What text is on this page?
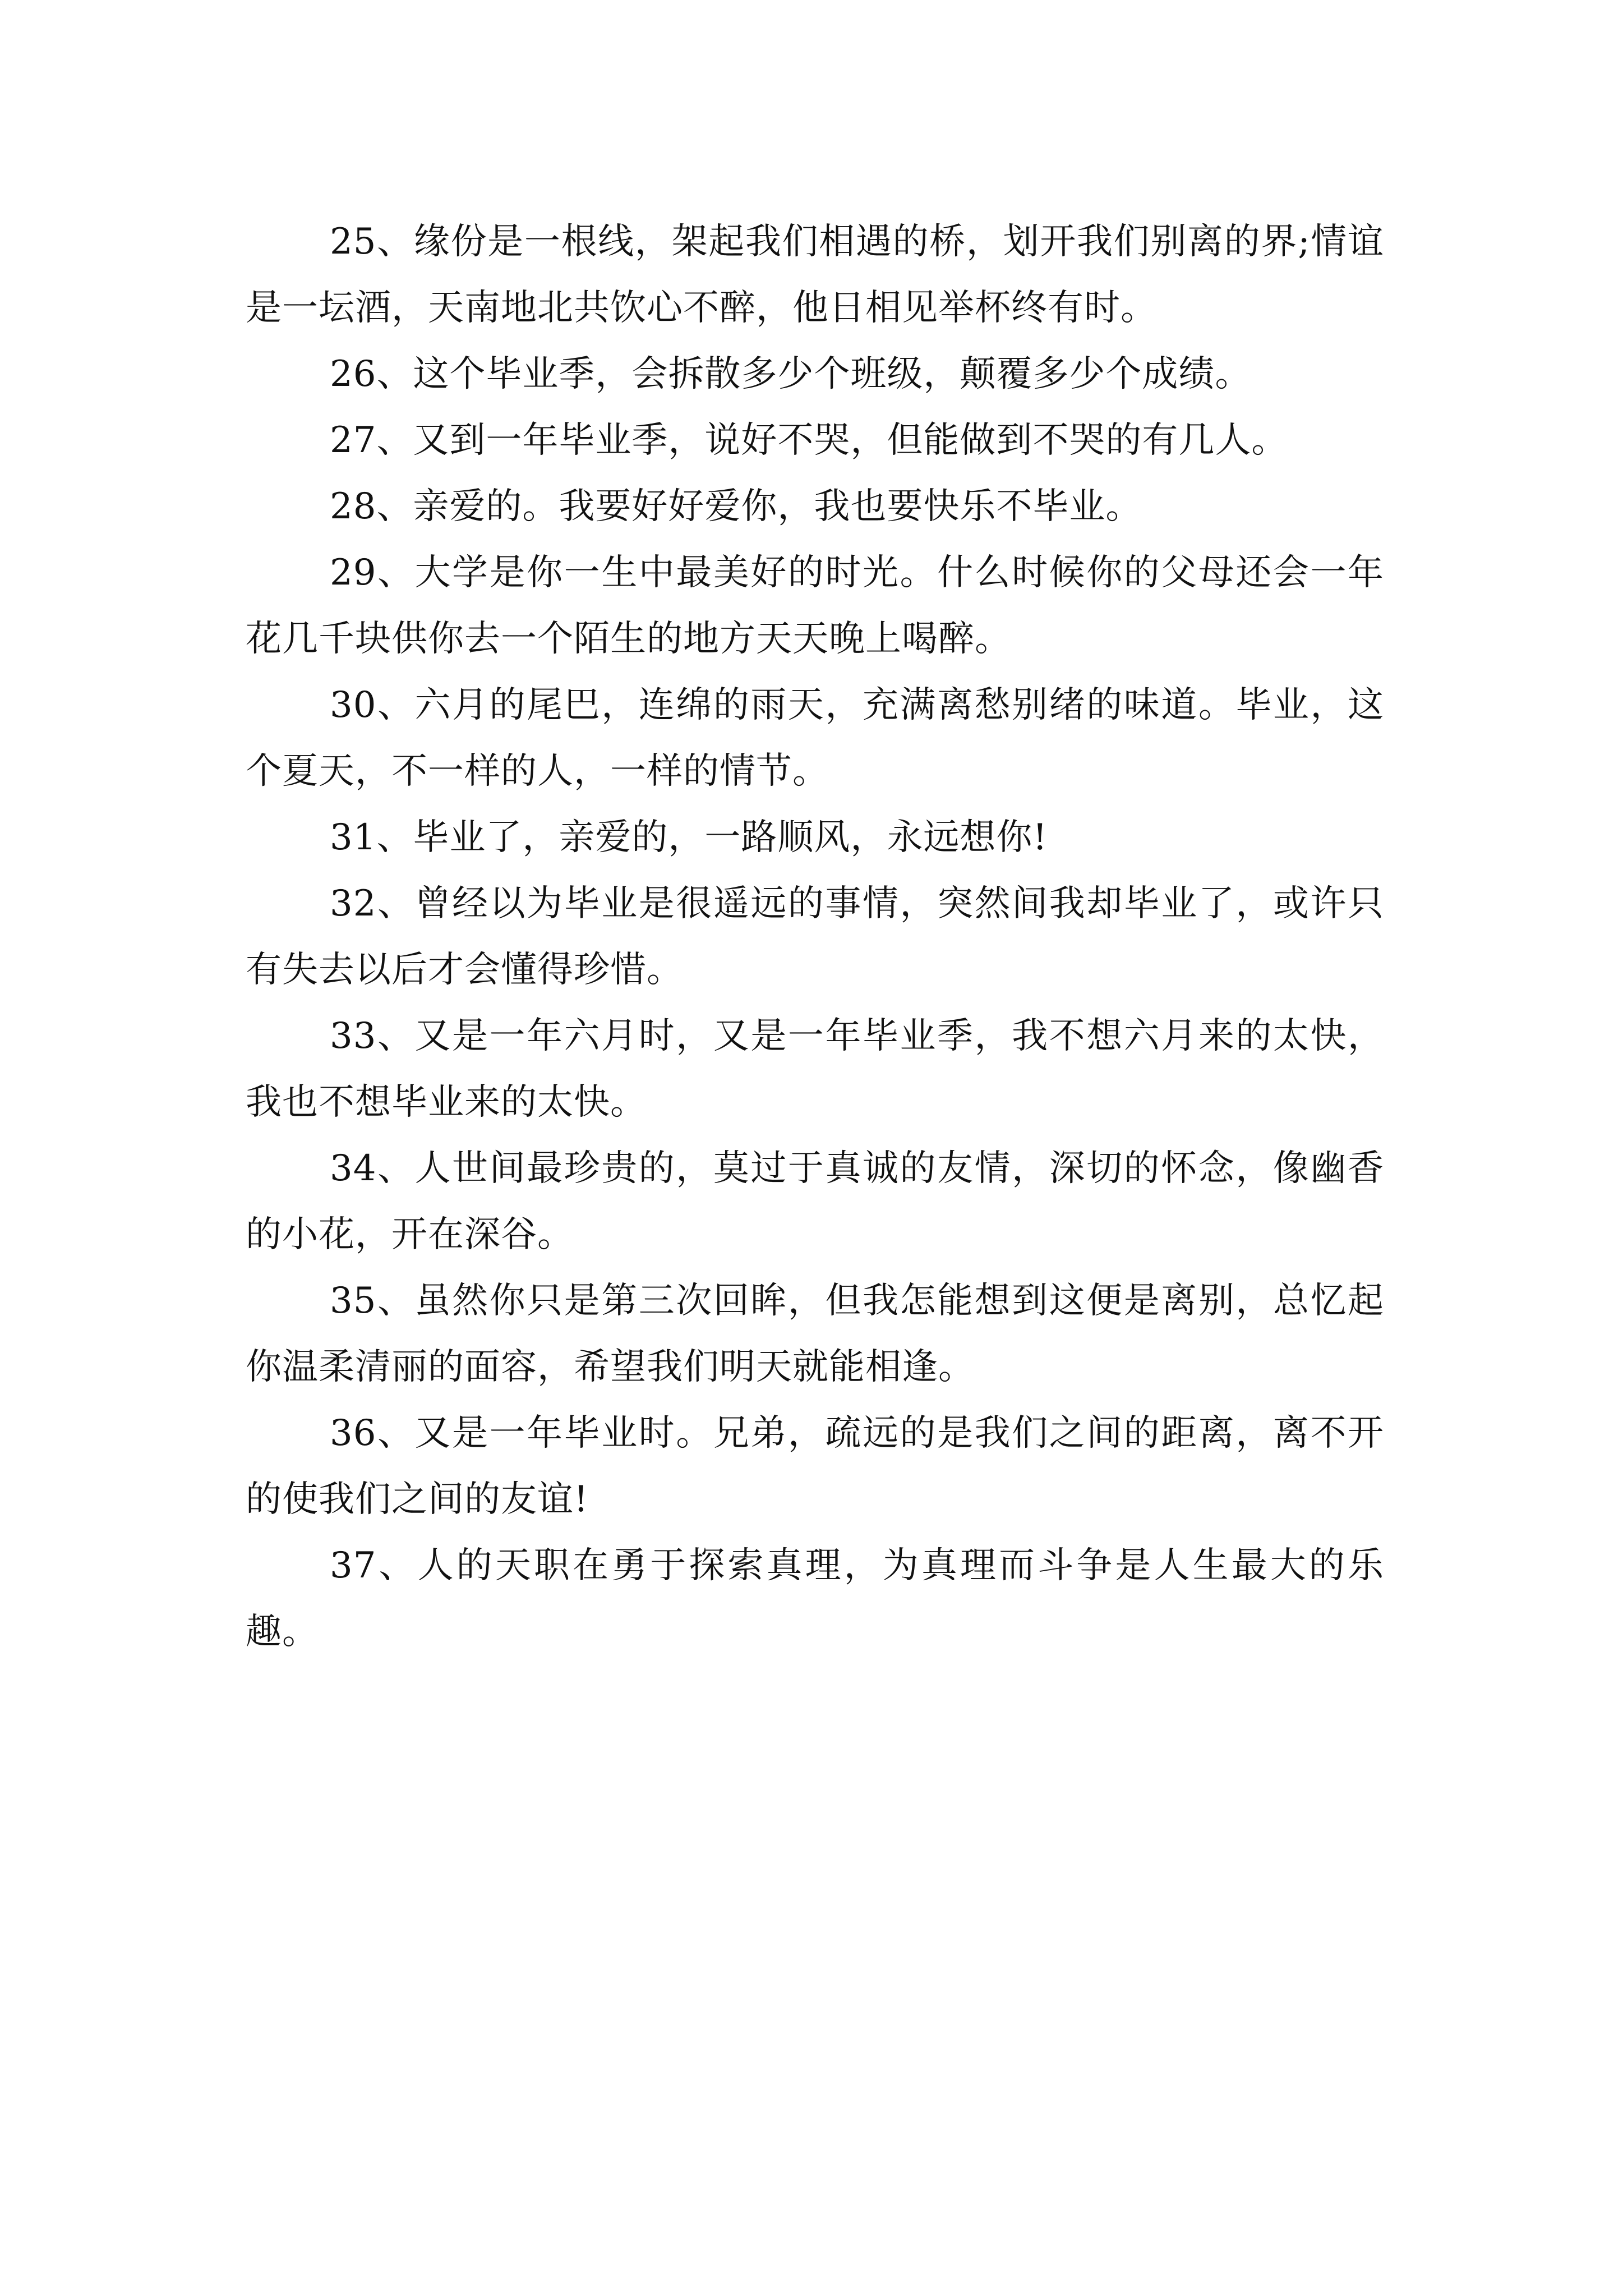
25、缘份是一根线，架起我们相遇的桥，划开我们别离的界;情谊是一坛酒，天南地北共饮心不醉，他日相见举杯终有时。

26、这个毕业季，会拆散多少个班级，颠覆多少个成绩。

27、又到一年毕业季，说好不哭，但能做到不哭的有几人。

28、亲爱的。我要好好爱你，我也要快乐不毕业。

29、大学是你一生中最美好的时光。什么时候你的父母还会一年花几千块供你去一个陌生的地方天天晚上喝醉。

30、六月的尾巴，连绵的雨天，充满离愁别绪的味道。毕业，这个夏天，不一样的人，一样的情节。

31、毕业了，亲爱的，一路顺风，永远想你!

32、曾经以为毕业是很遥远的事情，突然间我却毕业了，或许只有失去以后才会懂得珍惜。

33、又是一年六月时，又是一年毕业季，我不想六月来的太快，我也不想毕业来的太快。

34、人世间最珍贵的，莫过于真诚的友情，深切的怀念，像幽香的小花，开在深谷。

35、虽然你只是第三次回眸，但我怎能想到这便是离别，总忆起你温柔清丽的面容，希望我们明天就能相逢。

36、又是一年毕业时。兄弟，疏远的是我们之间的距离，离不开的使我们之间的友谊!

37、人的天职在勇于探索真理，为真理而斗争是人生最大的乐趣。
